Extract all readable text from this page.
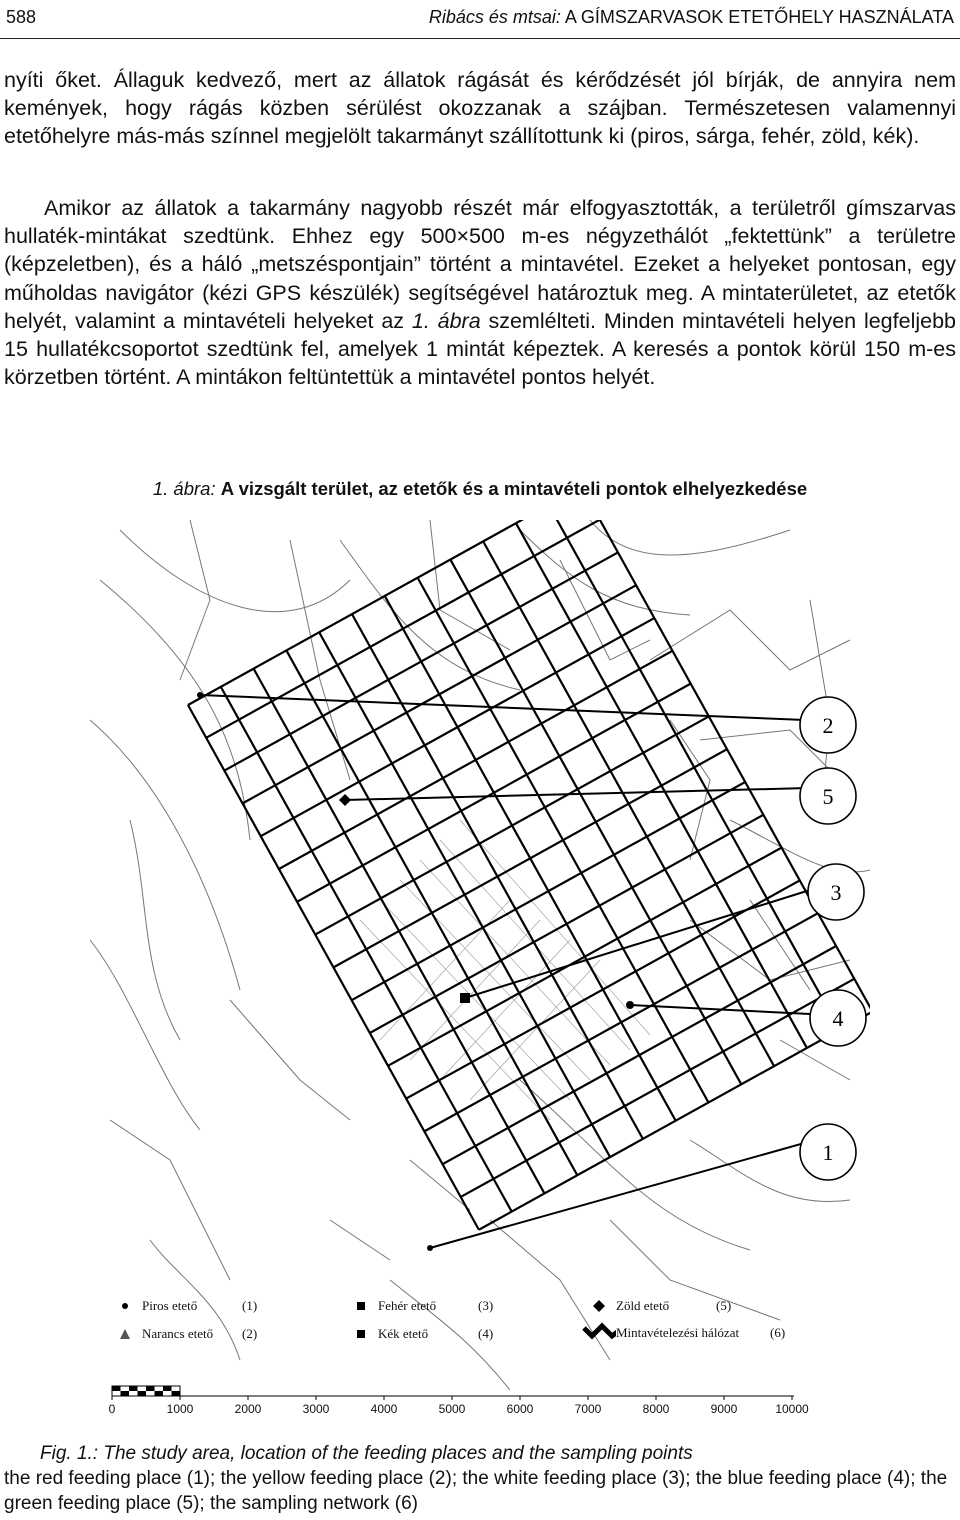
588	Ribács és mtsai: A GÍMSZARVASOK ETETŐHELY HASZNÁLATA

nyíti őket. Állaguk kedvező, mert az állatok rágását és kérődzését jól bírják, de annyira nem kemények, hogy rágás közben sérülést okozzanak a szájban. Természetesen valamennyi etetőhelyre más-más színnel megjelölt takarmányt szállítottunk ki (piros, sárga, fehér, zöld, kék).

Amikor az állatok a takarmány nagyobb részét már elfogyasztották, a területről gímszarvas hullaték-mintákat szedtünk. Ehhez egy 500×500 m-es négyzethálót „fektettünk” a területre (képzeletben), és a háló „metszéspontjain” történt a mintavétel. Ezeket a helyeket pontosan, egy műholdas navigátor (kézi GPS készülék) segítségével határoztuk meg. A mintaterületet, az etetők helyét, valamint a mintavételi helyeket az 1. ábra szemlélteti. Minden mintavételi helyen legfeljebb 15 hullatékcsoportot szedtünk fel, amelyek 1 mintát képeztek. A keresés a pontok körül 150 m-es körzetben történt. A mintákon feltüntettük a mintavétel pontos helyét.

1. ábra: A vizsgált terület, az etetők és a mintavételi pontok elhelyezkedése
2
5
3
4
1
Piros etető	(1)	Fehér etető	(3)	Zöld etető	(5)
Narancs etető	(2)	Kék etető	(4)	Mintavételezési hálózat	(6)
0	1000	2000	3000	4000	5000	6000	7000	8000	9000	10000

Fig. 1.: The study area, location of the feeding places and the sampling points
the red feeding place (1); the yellow feeding place (2); the white feeding place (3); the blue feeding place (4); the green feeding place (5); the sampling network (6)
